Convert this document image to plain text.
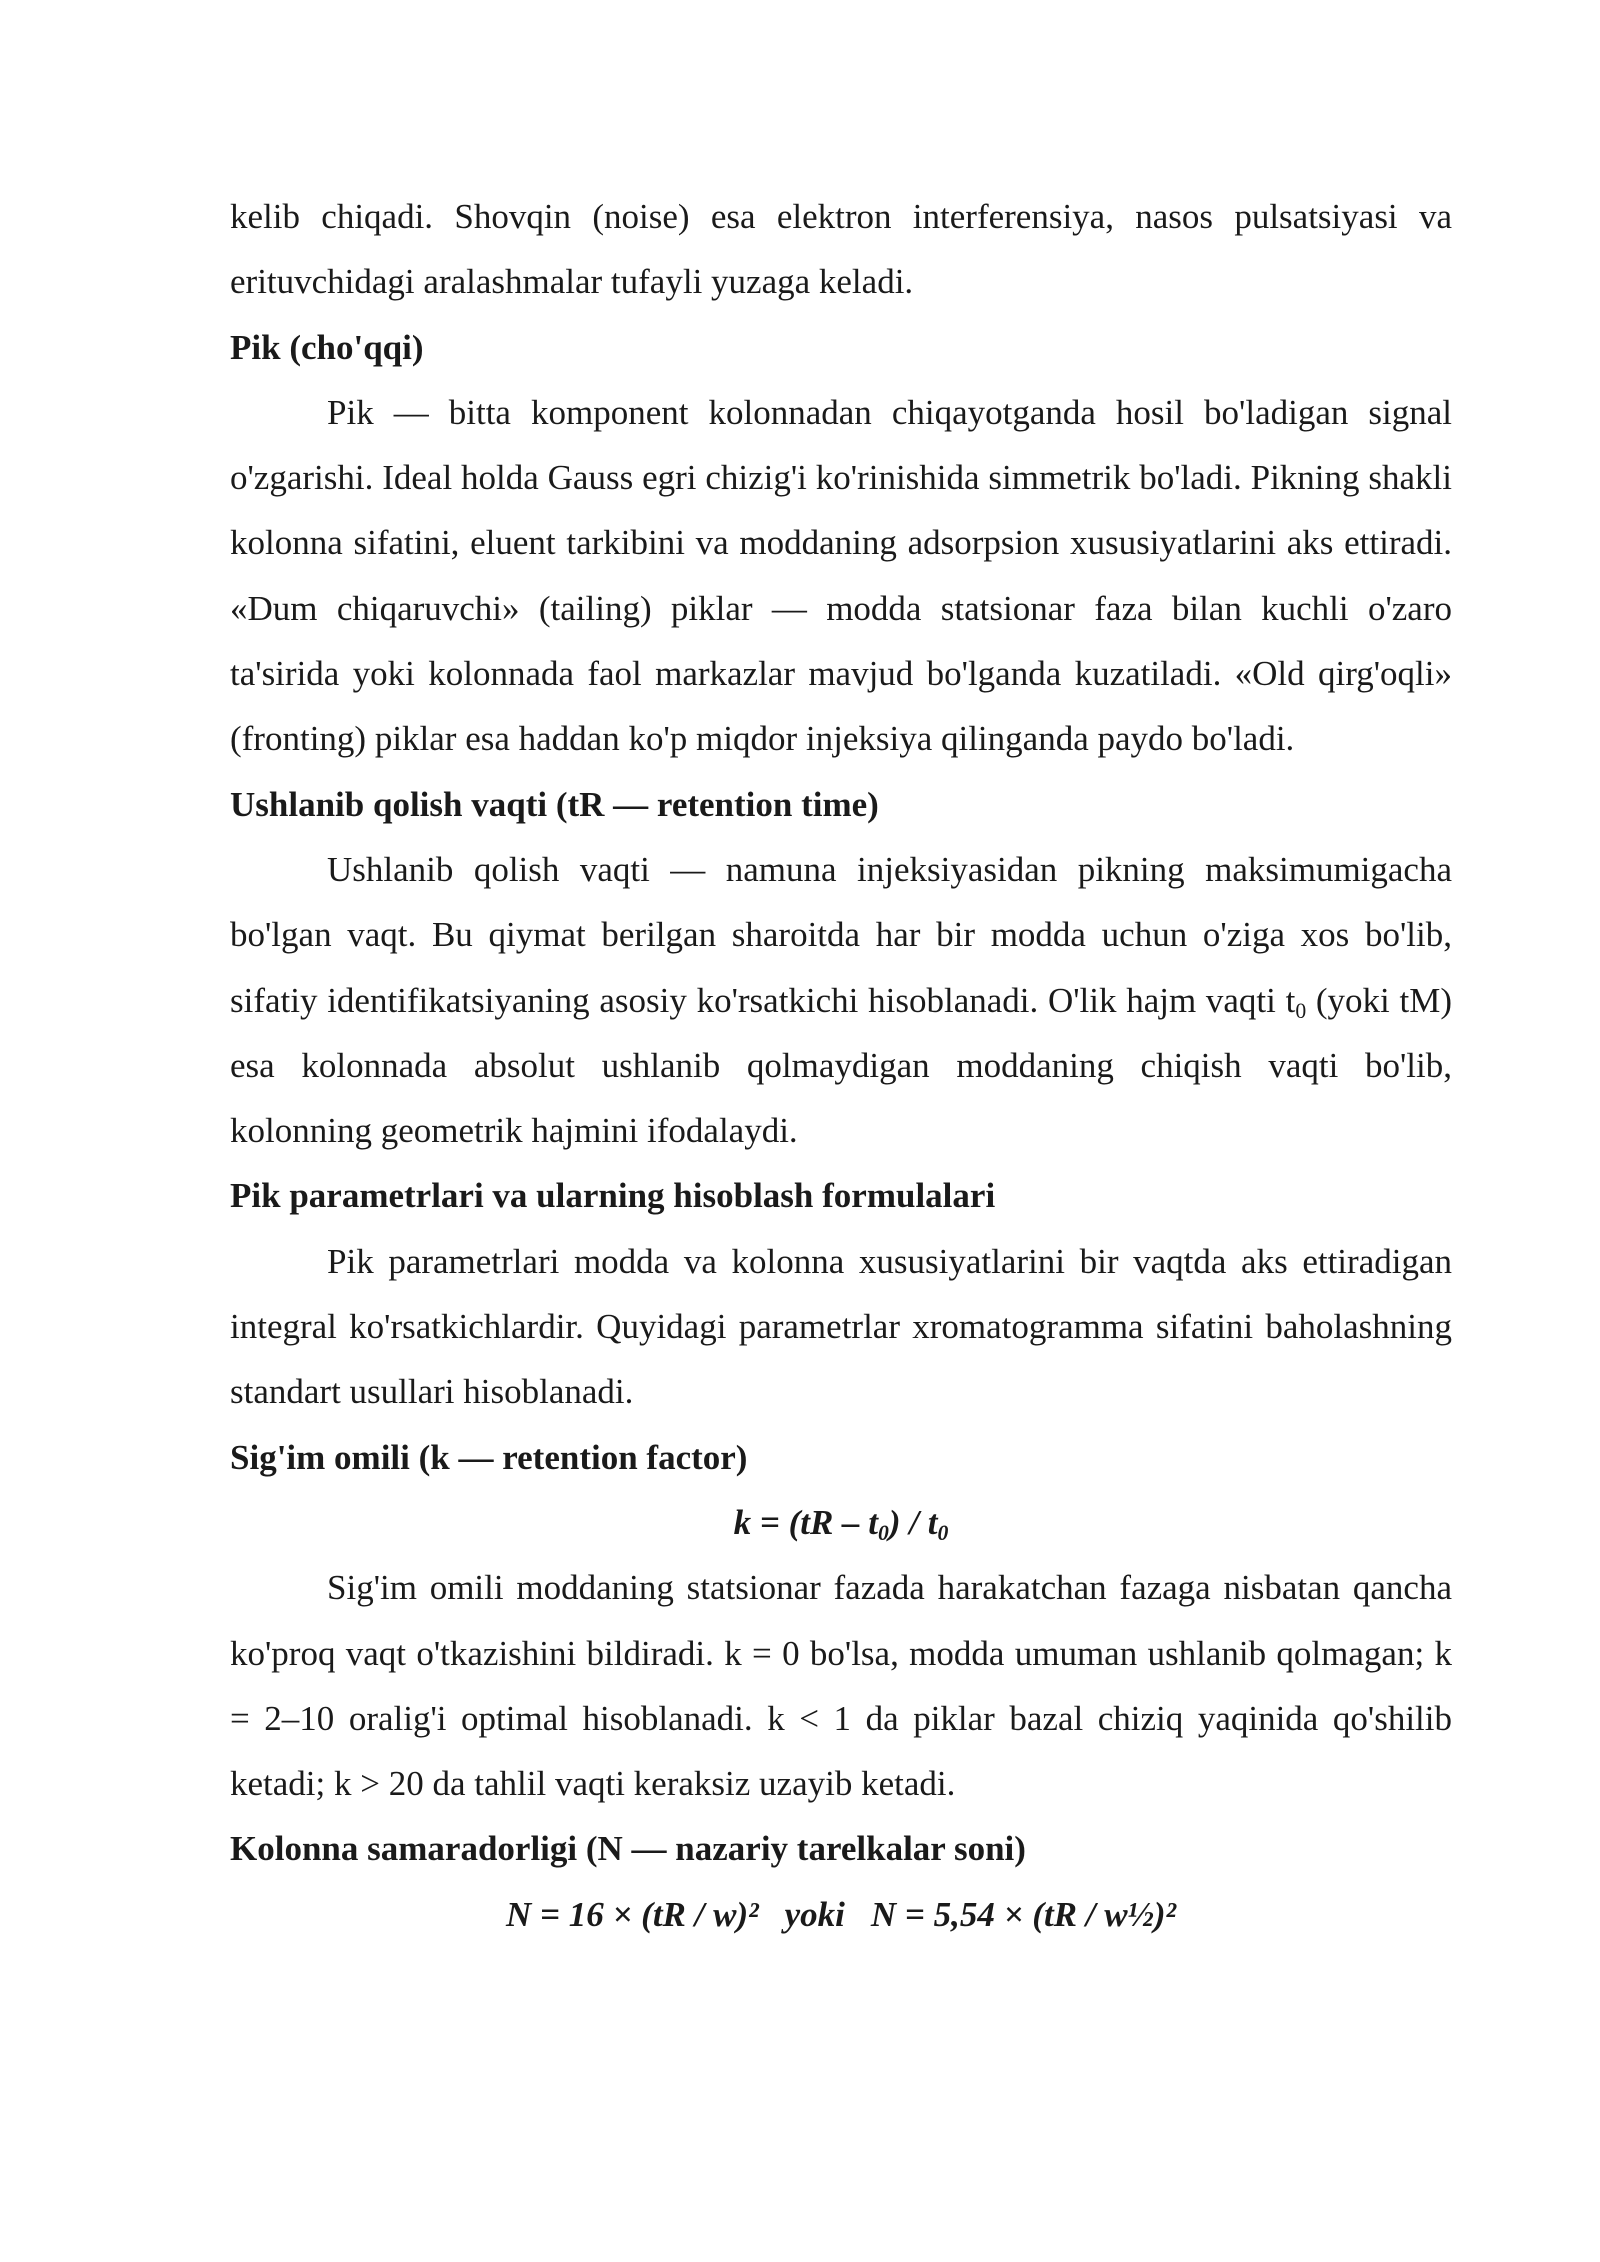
kelib chiqadi. Shovqin (noise) esa elektron interferensiya, nasos pulsatsiyasi va erituvchidagi aralashmalar tufayli yuzaga keladi.

Pik (cho'qqi)

Pik — bitta komponent kolonnadan chiqayotganda hosil bo'ladigan signal o'zgarishi. Ideal holda Gauss egri chizig'i ko'rinishida simmetrik bo'ladi. Pikning shakli kolonna sifatini, eluent tarkibini va moddaning adsorpsion xususiyatlarini aks ettiradi. «Dum chiqaruvchi» (tailing) piklar — modda statsionar faza bilan kuchli o'zaro ta'sirida yoki kolonnada faol markazlar mavjud bo'lganda kuzatiladi. «Old qirg'oqli» (fronting) piklar esa haddan ko'p miqdor injeksiya qilinganda paydo bo'ladi.

Ushlanib qolish vaqti (tR — retention time)

Ushlanib qolish vaqti — namuna injeksiyasidan pikning maksimumigacha bo'lgan vaqt. Bu qiymat berilgan sharoitda har bir modda uchun o'ziga xos bo'lib, sifatiy identifikatsiyaning asosiy ko'rsatkichi hisoblanadi. O'lik hajm vaqti t0 (yoki tM) esa kolonnada absolut ushlanib qolmaydigan moddaning chiqish vaqti bo'lib, kolonning geometrik hajmini ifodalaydi.

Pik parametrlari va ularning hisoblash formulalari

Pik parametrlari modda va kolonna xususiyatlarini bir vaqtda aks ettiradigan integral ko'rsatkichlardir. Quyidagi parametrlar xromatogramma sifatini baholashning standart usullari hisoblanadi.

Sig'im omili (k — retention factor)

k = (tR – t0) / t0

Sig'im omili moddaning statsionar fazada harakatchan fazaga nisbatan qancha ko'proq vaqt o'tkazishini bildiradi. k = 0 bo'lsa, modda umuman ushlanib qolmagan; k = 2–10 oralig'i optimal hisoblanadi. k < 1 da piklar bazal chiziq yaqinida qo'shilib ketadi; k > 20 da tahlil vaqti keraksiz uzayib ketadi.

Kolonna samaradorligi (N — nazariy tarelkalar soni)

N = 16 × (tR / w)² yoki N = 5,54 × (tR / w½)²
